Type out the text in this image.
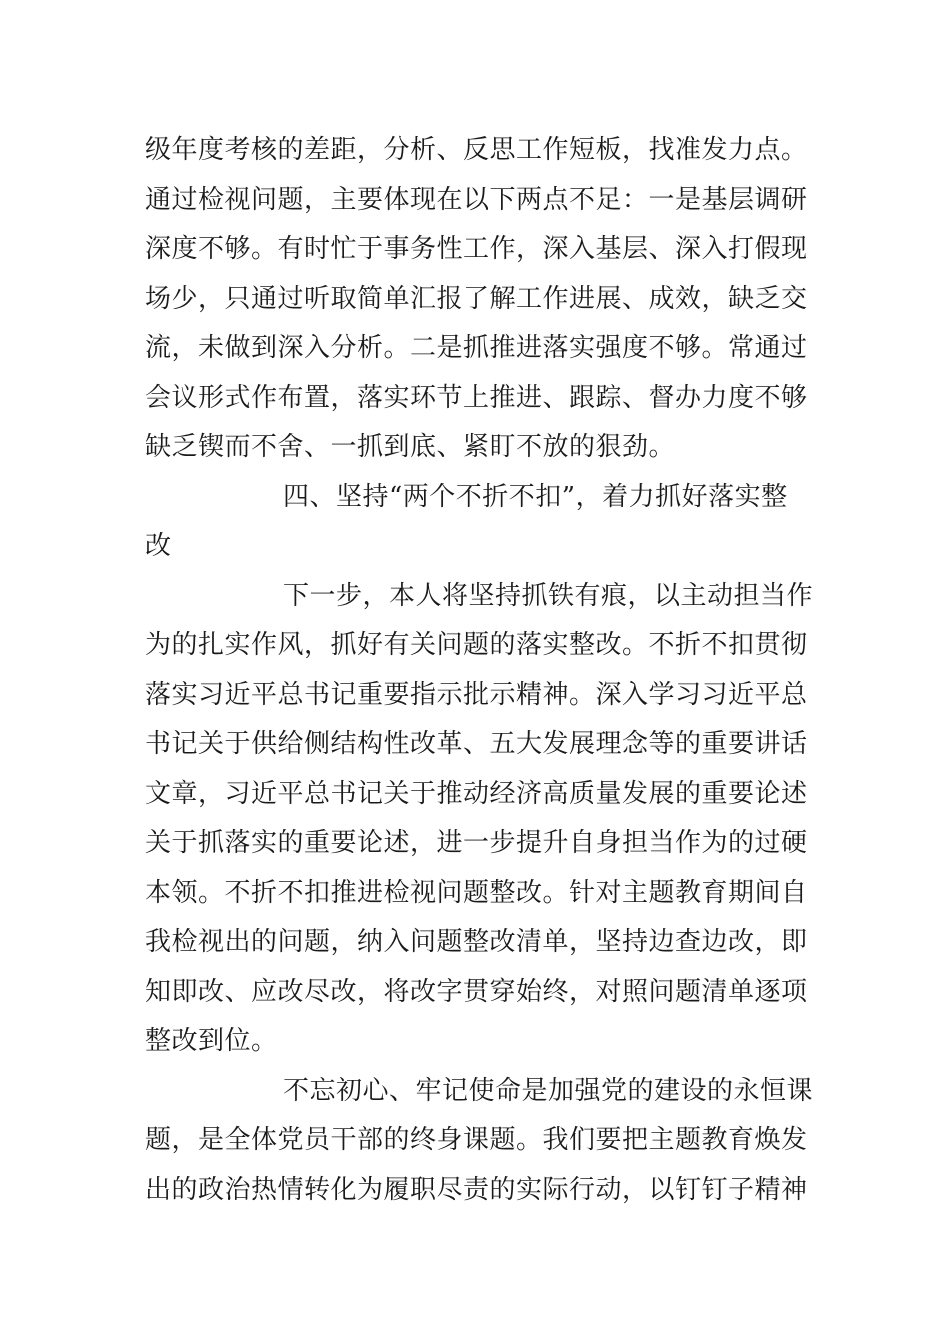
级年度考核的差距，分析、反思工作短板，找准发力点。
通过检视问题，主要体现在以下两点不足：一是基层调研
深度不够。有时忙于事务性工作，深入基层、深入打假现
场少，只通过听取简单汇报了解工作进展、成效，缺乏交
流，未做到深入分析。二是抓推进落实强度不够。常通过
会议形式作布置，落实环节上推进、跟踪、督办力度不够
缺乏锲而不舍、一抓到底、紧盯不放的狠劲。
四、坚持“两个不折不扣”，着力抓好落实整
改
下一步，本人将坚持抓铁有痕，以主动担当作
为的扎实作风，抓好有关问题的落实整改。不折不扣贯彻
落实习近平总书记重要指示批示精神。深入学习习近平总
书记关于供给侧结构性改革、五大发展理念等的重要讲话
文章，习近平总书记关于推动经济高质量发展的重要论述
关于抓落实的重要论述，进一步提升自身担当作为的过硬
本领。不折不扣推进检视问题整改。针对主题教育期间自
我检视出的问题，纳入问题整改清单，坚持边查边改，即
知即改、应改尽改，将改字贯穿始终，对照问题清单逐项
整改到位。
不忘初心、牢记使命是加强党的建设的永恒课
题，是全体党员干部的终身课题。我们要把主题教育焕发
出的政治热情转化为履职尽责的实际行动，以钉钉子精神
